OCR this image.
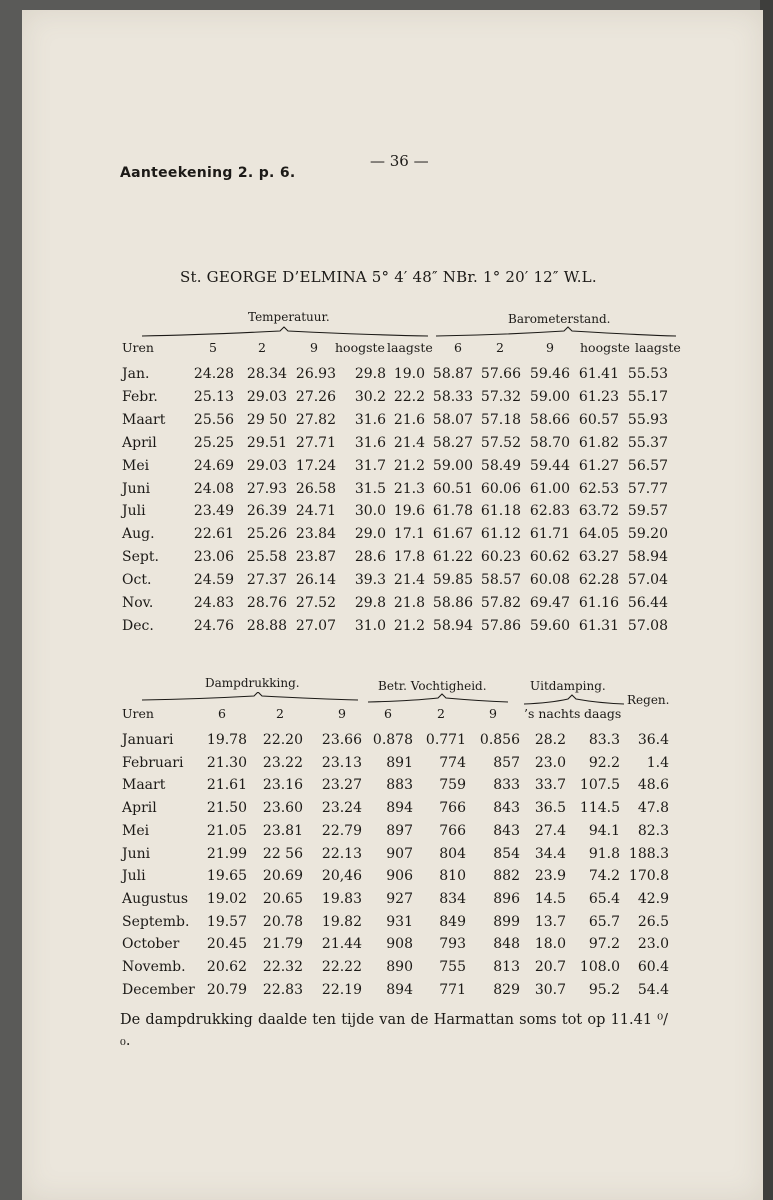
— 36 —
Aanteekening 2. p. 6.
St. GEORGE D’ELMINA 5° 4′ 48″ NBr. 1° 20′ 12″ W.L.
Temperatuur.	Barometerstand.
Uren	5	2	9 hoogste laagste 6	2	9 hoogste laagste
Jan.	24.28 28.34 26.93	29.8 19.0 58.87 57.66 59.46 61.41 55.53
Febr.	25.13 29.03 27.26	30.2 22.2 58.33 57.32 59.00 61.23 55.17
Maart	25.56 29 50 27.82	31.6 21.6 58.07 57.18 58.66 60.57 55.93
April	25.25 29.51 27.71	31.6 21.4 58.27 57.52 58.70 61.82 55.37
Mei	24.69 29.03 17.24	31.7 21.2 59.00 58.49 59.44 61.27 56.57
Juni	24.08 27.93 26.58	31.5 21.3 60.51 60.06 61.00 62.53 57.77
Juli	23.49 26.39 24.71	30.0 19.6 61.78 61.18 62.83 63.72 59.57
Aug.	22.61 25.26 23.84	29.0 17.1 61.67 61.12 61.71 64.05 59.20
Sept.	23.06 25.58 23.87	28.6 17.8 61.22 60.23 60.62 63.27 58.94
Oct.	24.59 27.37 26.14	39.3 21.4 59.85 58.57 60.08 62.28 57.04
Nov.	24.83 28.76 27.52	29.8 21.8 58.86 57.82 69.47 61.16 56.44
Dec.	24.76 28.88 27.07	31.0 21.2 58.94 57.86 59.60 61.31 57.08
Dampdrukking.	Betr. Vochtigheid.	Uitdamping.
Regen.
Uren	6	2	9	6	2	9 ’s nachts daags
Januari	19.78	22.20	23.66 0.878 0.771 0.856	28.2	83.3	36.4
Februari	21.30	23.22	23.13	891	774	857	23.0	92.2	1.4
Maart	21.61	23.16	23.27	883	759	833	33.7 107.5	48.6
April	21.50	23.60	23.24	894	766	843	36.5 114.5	47.8
Mei	21.05	23.81	22.79	897	766	843	27.4	94.1	82.3
Juni	21.99	22 56	22.13	907	804	854	34.4	91.8 188.3
Juli	19.65	20.69	20,46	906	810	882	23.9	74.2 170.8
Augustus	19.02	20.65	19.83	927	834	896	14.5	65.4	42.9
Septemb.	19.57	20.78	19.82	931	849	899	13.7	65.7	26.5
October	20.45	21.79	21.44	908	793	848	18.0	97.2	23.0
Novemb.	20.62	22.32	22.22	890	755	813	20.7 108.0	60.4
December 20.79	22.83	22.19	894	771	829	30.7	95.2	54.4
De dampdrukking daalde ten tijde van de Harmattan soms tot op 11.41 ⁰/₀.
